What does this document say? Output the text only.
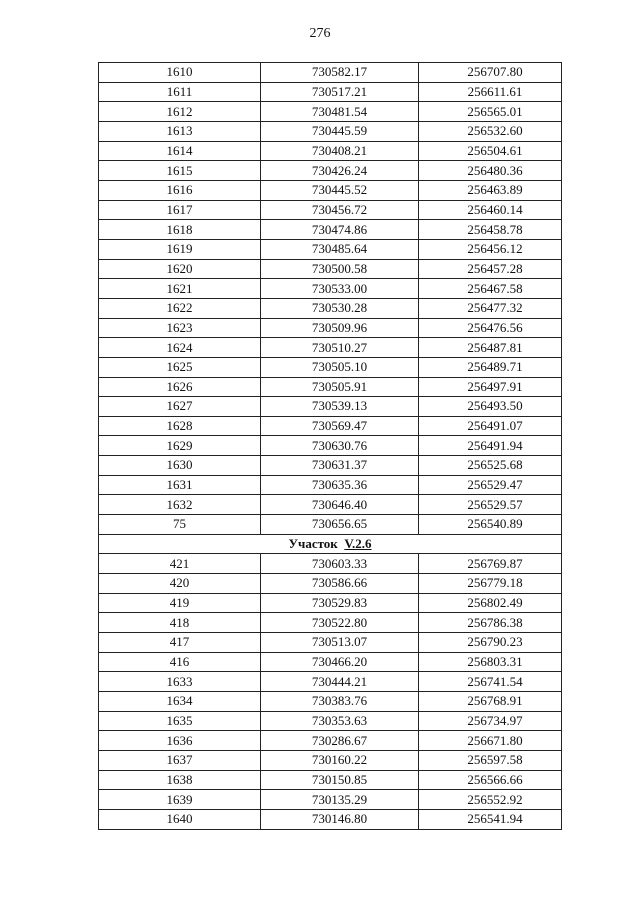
276
1610	730582.17	256707.80
1611	730517.21	256611.61
1612	730481.54	256565.01
1613	730445.59	256532.60
1614	730408.21	256504.61
1615	730426.24	256480.36
1616	730445.52	256463.89
1617	730456.72	256460.14
1618	730474.86	256458.78
1619	730485.64	256456.12
1620	730500.58	256457.28
1621	730533.00	256467.58
1622	730530.28	256477.32
1623	730509.96	256476.56
1624	730510.27	256487.81
1625	730505.10	256489.71
1626	730505.91	256497.91
1627	730539.13	256493.50
1628	730569.47	256491.07
1629	730630.76	256491.94
1630	730631.37	256525.68
1631	730635.36	256529.47
1632	730646.40	256529.57
75	730656.65	256540.89
Участок V.2.6		
421	730603.33	256769.87
420	730586.66	256779.18
419	730529.83	256802.49
418	730522.80	256786.38
417	730513.07	256790.23
416	730466.20	256803.31
1633	730444.21	256741.54
1634	730383.76	256768.91
1635	730353.63	256734.97
1636	730286.67	256671.80
1637	730160.22	256597.58
1638	730150.85	256566.66
1639	730135.29	256552.92
1640	730146.80	256541.94
